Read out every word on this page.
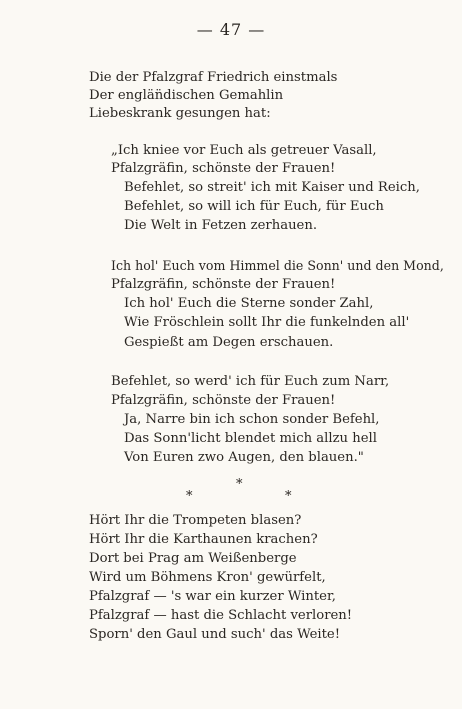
— 47 —
Die der Pfalzgraf Friedrich einstmals
Der englän̈dischen Gemahlin
Liebeskrank gesungen hat:
„Ich kniee vor Euch als getreuer Vasall,
Pfalzgräfin, schönste der Frauen!
Befehlet, so streit' ich mit Kaiser und Reich,
Befehlet, so will ich für Euch, für Euch
Die Welt in Fetzen zerhauen.
Ich hol' Euch vom Himmel die Sonn' und den Mond,
Pfalzgräfin, schönste der Frauen!
Ich hol' Euch die Sterne sonder Zahl,
Wie Fröschlein sollt Ihr die funkelnden all'
Gespießt am Degen erschauen.
Befehlet, so werd' ich für Euch zum Narr,
Pfalzgräfin, schönste der Frauen!
Ja, Narre bin ich schon sonder Befehl,
Das Sonn'licht blendet mich allzu hell
Von Euren zwo Augen, den blauen."
*
*	*
Hört Ihr die Trompeten blasen?
Hört Ihr die Karthaunen krachen?
Dort bei Prag am Weißenberge
Wird um Böhmens Kron' gewürfelt,
Pfalzgraf — 's war ein kurzer Winter,
Pfalzgraf — hast die Schlacht verloren!
Sporn' den Gaul und such' das Weite!
